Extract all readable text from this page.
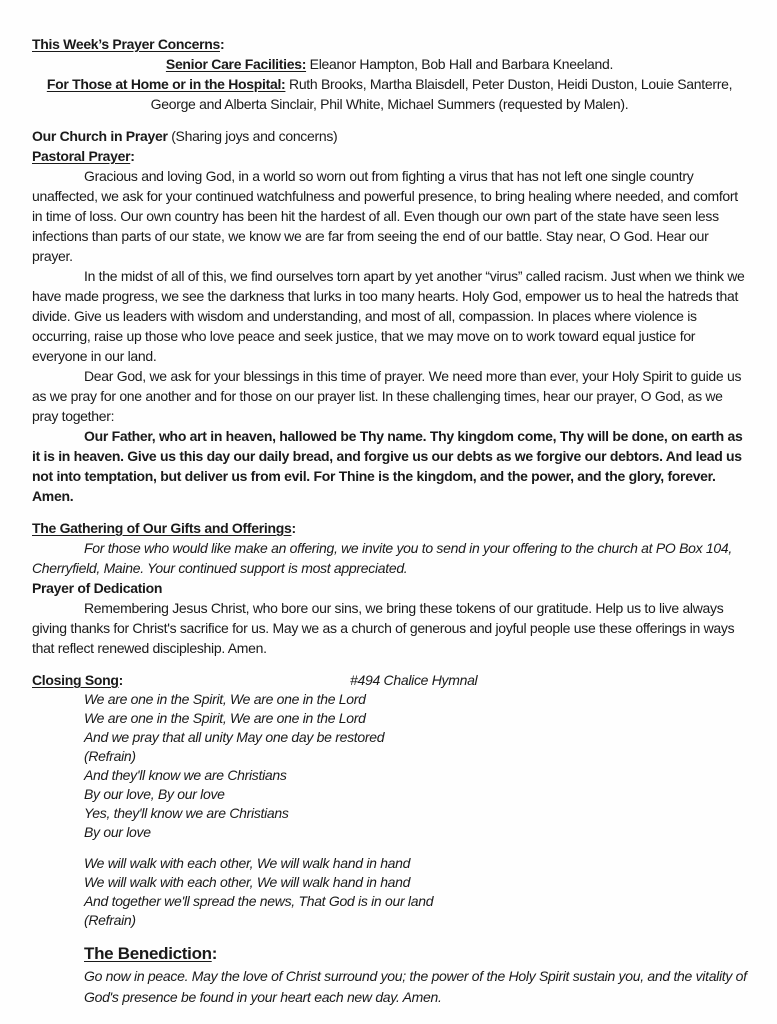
This Week’s Prayer Concerns:

Senior Care Facilities: Eleanor Hampton, Bob Hall and Barbara Kneeland.

For Those at Home or in the Hospital: Ruth Brooks, Martha Blaisdell, Peter Duston, Heidi Duston, Louie Santerre, George and Alberta Sinclair, Phil White, Michael Summers (requested by Malen).

Our Church in Prayer (Sharing joys and concerns)

Pastoral Prayer:

Gracious and loving God, in a world so worn out from fighting a virus that has not left one single country unaffected, we ask for your continued watchfulness and powerful presence, to bring healing where needed, and comfort in time of loss. Our own country has been hit the hardest of all. Even though our own part of the state have seen less infections than parts of our state, we know we are far from seeing the end of our battle. Stay near, O God. Hear our prayer.

In the midst of all of this, we find ourselves torn apart by yet another “virus” called racism. Just when we think we have made progress, we see the darkness that lurks in too many hearts. Holy God, empower us to heal the hatreds that divide. Give us leaders with wisdom and understanding, and most of all, compassion. In places where violence is occurring, raise up those who love peace and seek justice, that we may move on to work toward equal justice for everyone in our land.

Dear God, we ask for your blessings in this time of prayer. We need more than ever, your Holy Spirit to guide us as we pray for one another and for those on our prayer list. In these challenging times, hear our prayer, O God, as we pray together:

Our Father, who art in heaven, hallowed be Thy name. Thy kingdom come, Thy will be done, on earth as it is in heaven. Give us this day our daily bread, and forgive us our debts as we forgive our debtors. And lead us not into temptation, but deliver us from evil. For Thine is the kingdom, and the power, and the glory, forever. Amen.

The Gathering of Our Gifts and Offerings:

For those who would like make an offering, we invite you to send in your offering to the church at PO Box 104, Cherryfield, Maine. Your continued support is most appreciated.

Prayer of Dedication

Remembering Jesus Christ, who bore our sins, we bring these tokens of our gratitude. Help us to live always giving thanks for Christ's sacrifice for us. May we as a church of generous and joyful people use these offerings in ways that reflect renewed discipleship. Amen.

Closing Song:	#494 Chalice Hymnal
We are one in the Spirit, We are one in the Lord
We are one in the Spirit, We are one in the Lord
And we pray that all unity May one day be restored
(Refrain)
And they'll know we are Christians
By our love, By our love
Yes, they'll know we are Christians
By our love
We will walk with each other, We will walk hand in hand
We will walk with each other, We will walk hand in hand
And together we'll spread the news, That God is in our land
(Refrain)

The Benediction:

Go now in peace. May the love of Christ surround you; the power of the Holy Spirit sustain you, and the vitality of God's presence be found in your heart each new day. Amen.
